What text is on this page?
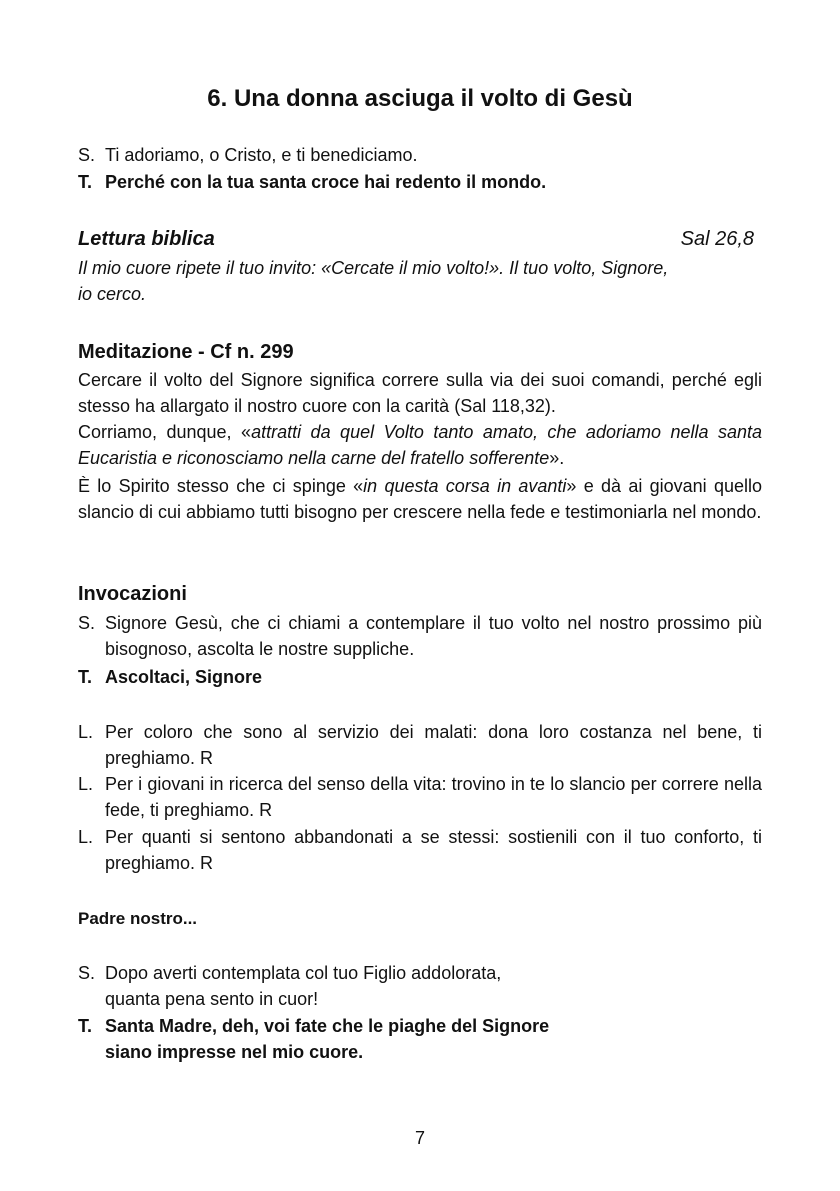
6. Una donna asciuga il volto di Gesù
S. Ti adoriamo, o Cristo, e ti benediciamo.
T. Perché con la tua santa croce hai redento il mondo.
Lettura biblica	Sal 26,8
Il mio cuore ripete il tuo invito: «Cercate il mio volto!». Il tuo volto, Signore,
io cerco.
Meditazione - Cf n. 299
Cercare il volto del Signore significa correre sulla via dei suoi comandi, perché egli stesso ha allargato il nostro cuore con la carità (Sal 118,32).
Corriamo, dunque, «attratti da quel Volto tanto amato, che adoriamo nella santa Eucaristia e riconosciamo nella carne del fratello sofferente».
È lo Spirito stesso che ci spinge «in questa corsa in avanti» e dà ai giovani quello slancio di cui abbiamo tutti bisogno per crescere nella fede e testimoniarla nel mondo.
Invocazioni
S. Signore Gesù, che ci chiami a contemplare il tuo volto nel nostro prossimo più bisognoso, ascolta le nostre suppliche.
T. Ascoltaci, Signore
L. Per coloro che sono al servizio dei malati: dona loro costanza nel bene, ti preghiamo. R
L. Per i giovani in ricerca del senso della vita: trovino in te lo slancio per correre nella fede, ti preghiamo. R
L. Per quanti si sentono abbandonati a se stessi: sostienili con il tuo conforto, ti preghiamo. R
Padre nostro...
S. Dopo averti contemplata col tuo Figlio addolorata,
quanta pena sento in cuor!
T. Santa Madre, deh, voi fate che le piaghe del Signore
siano impresse nel mio cuore.
7
